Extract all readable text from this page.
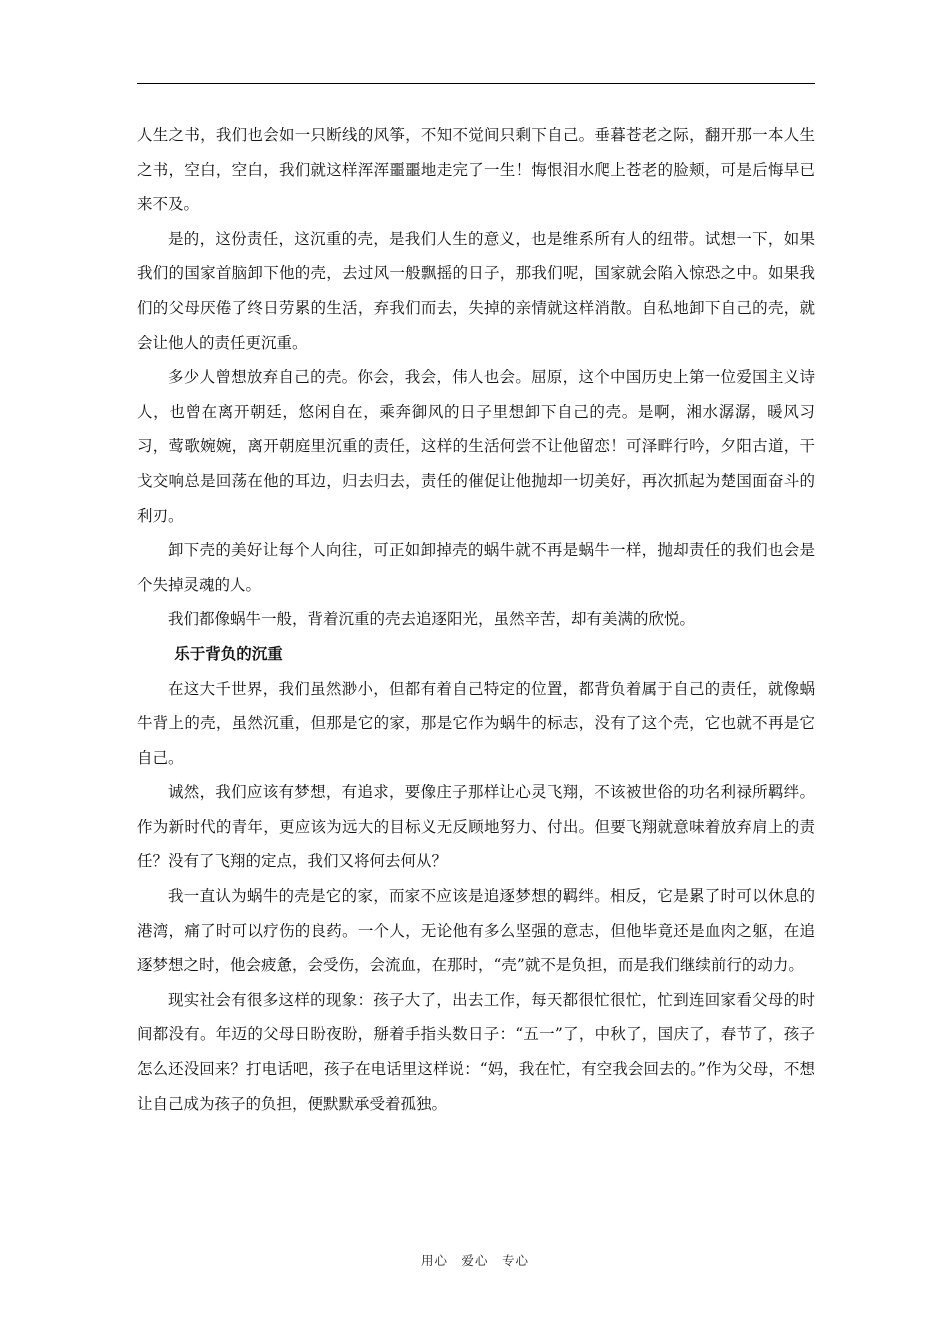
人生之书，我们也会如一只断线的风筝，不知不觉间只剩下自己。垂暮苍老之际，翻开那一本人生之书，空白，空白，我们就这样浑浑噩噩地走完了一生！悔恨泪水爬上苍老的脸颊，可是后悔早已来不及。

是的，这份责任，这沉重的壳，是我们人生的意义，也是维系所有人的纽带。试想一下，如果我们的国家首脑卸下他的壳，去过风一般飘摇的日子，那我们呢，国家就会陷入惊恐之中。如果我们的父母厌倦了终日劳累的生活，弃我们而去，失掉的亲情就这样消散。自私地卸下自己的壳，就会让他人的责任更沉重。

多少人曾想放弃自己的壳。你会，我会，伟人也会。屈原，这个中国历史上第一位爱国主义诗人，也曾在离开朝廷，悠闲自在，乘奔御风的日子里想卸下自己的壳。是啊，湘水潺潺，暖风习习，莺歌婉婉，离开朝庭里沉重的责任，这样的生活何尝不让他留恋！可泽畔行吟，夕阳古道，干戈交响总是回荡在他的耳边，归去归去，责任的催促让他抛却一切美好，再次抓起为楚国面奋斗的利刃。

卸下壳的美好让每个人向往，可正如卸掉壳的蜗牛就不再是蜗牛一样，抛却责任的我们也会是个失掉灵魂的人。

我们都像蜗牛一般，背着沉重的壳去追逐阳光，虽然辛苦，却有美满的欣悦。

乐于背负的沉重

在这大千世界，我们虽然渺小，但都有着自己特定的位置，都背负着属于自己的责任，就像蜗牛背上的壳，虽然沉重，但那是它的家，那是它作为蜗牛的标志，没有了这个壳，它也就不再是它自己。

诚然，我们应该有梦想，有追求，要像庄子那样让心灵飞翔，不该被世俗的功名利禄所羁绊。作为新时代的青年，更应该为远大的目标义无反顾地努力、付出。但要飞翔就意味着放弃肩上的责任？没有了飞翔的定点，我们又将何去何从？

我一直认为蜗牛的壳是它的家，而家不应该是追逐梦想的羁绊。相反，它是累了时可以休息的港湾，痛了时可以疗伤的良药。一个人，无论他有多么坚强的意志，但他毕竟还是血肉之躯，在追逐梦想之时，他会疲惫，会受伤，会流血，在那时，“壳”就不是负担，而是我们继续前行的动力。

现实社会有很多这样的现象：孩子大了，出去工作，每天都很忙很忙，忙到连回家看父母的时间都没有。年迈的父母日盼夜盼，掰着手指头数日子：“五一”了，中秋了，国庆了，春节了，孩子怎么还没回来？打电话吧，孩子在电话里这样说：“妈，我在忙，有空我会回去的。”作为父母，不想让自己成为孩子的负担，便默默承受着孤独。

用心　爱心　专心
